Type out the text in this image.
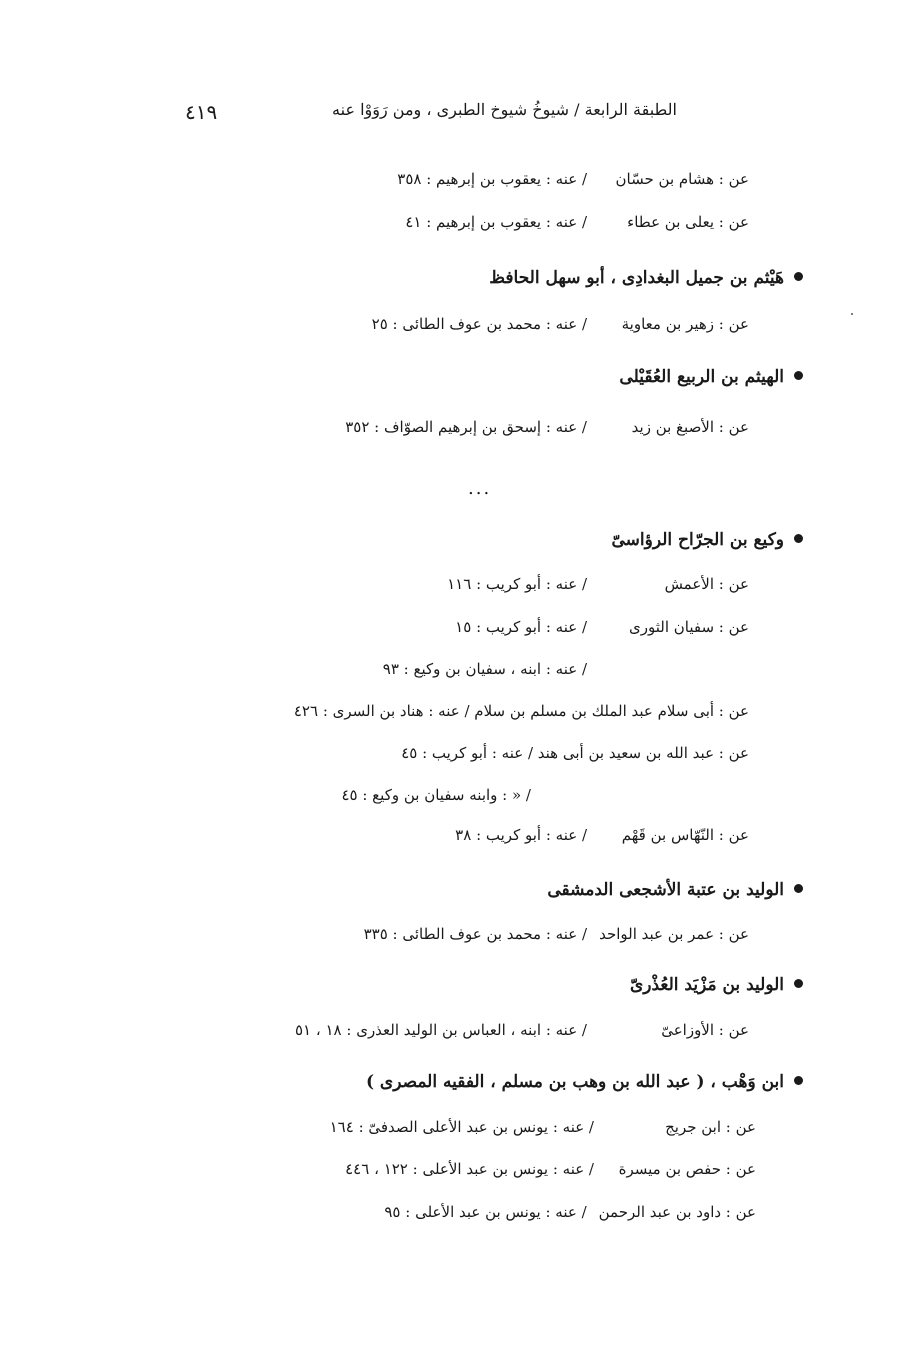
الطبقة الرابعة / شيوخُ شيوخ الطبرى ، ومن رَوَوْا عنه
٤١٩
عن : هشام بن حسّان/ عنه : يعقوب بن إبرهيم : ٣٥٨
عن : يعلى بن عطاء/ عنه : يعقوب بن إبرهيم : ٤١
هَيْثم بن جميل البغدادِى ، أبو سهل الحافظ
عن : زهير بن معاوية/ عنه : محمد بن عوف الطائى : ٢٥
الهيثم بن الربيع العُقَيْلى
عن : الأصبغ بن زيد/ عنه : إسحق بن إبرهيم الصوّاف : ٣٥٢
...
وكيع بن الجرّاح الرؤاسىّ
عن : الأعمش/ عنه : أبو كريب : ١١٦
عن : سفيان الثورى/ عنه : أبو كريب : ١٥
/ عنه : ابنه ، سفيان بن وكيع : ٩٣
عن : أبى سلام عبد الملك بن مسلم بن سلام / عنه : هناد بن السرى : ٤٢٦
عن : عبد الله بن سعيد بن أبى هند / عنه : أبو كريب : ٤٥
/ « : وابنه سفيان بن وكيع : ٤٥
عن : النّهّاس بن قَهْم/ عنه : أبو كريب : ٣٨
الوليد بن عتبة الأشجعى الدمشقى
عن : عمر بن عبد الواحد/ عنه : محمد بن عوف الطائى : ٣٣٥
الوليد بن مَزْيَد العُذْرىّ
عن : الأوزاعىّ/ عنه : ابنه ، العباس بن الوليد العذرى : ١٨ ، ٥١
ابن وَهْب ، ( عبد الله بن وهب بن مسلم ، الفقيه المصرى )
عن : ابن جريج/ عنه : يونس بن عبد الأعلى الصدفىّ : ١٦٤
عن : حفص بن ميسرة/ عنه : يونس بن عبد الأعلى : ١٢٢ ، ٤٤٦
عن : داود بن عبد الرحمن/ عنه : يونس بن عبد الأعلى : ٩٥
